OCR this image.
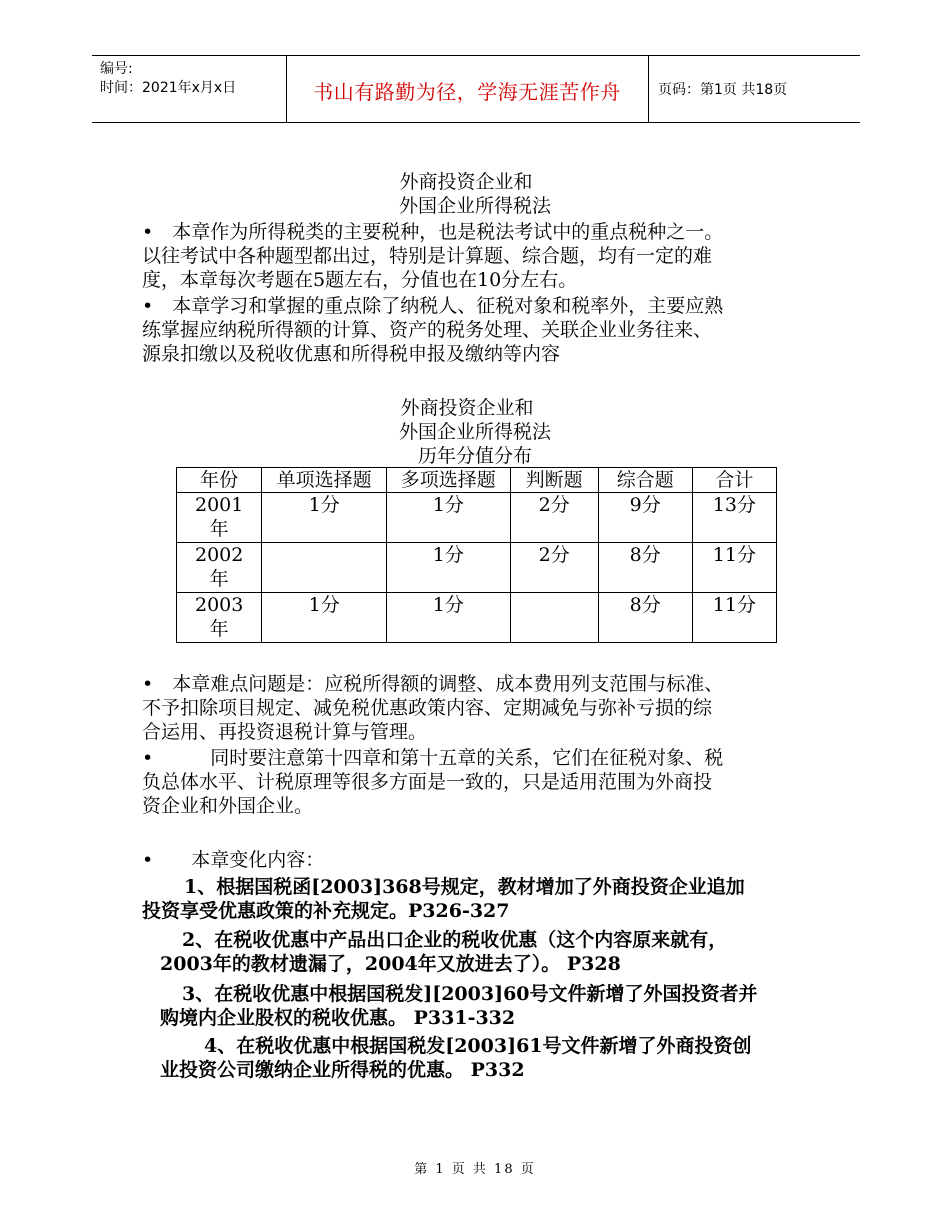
编号:
时间：2021年x月x日	书山有路勤为径，学海无涯苦作舟	页码：第1页 共18页
外商投资企业和
外国企业所得税法
•　本章作为所得税类的主要税种，也是税法考试中的重点税种之一。
以往考试中各种题型都出过，特别是计算题、综合题，均有一定的难
度，本章每次考题在5题左右，分值也在10分左右。
•　本章学习和掌握的重点除了纳税人、征税对象和税率外，主要应熟
练掌握应纳税所得额的计算、资产的税务处理、关联企业业务往来、
源泉扣缴以及税收优惠和所得税申报及缴纳等内容
外商投资企业和
外国企业所得税法
历年分值分布
年份	单项选择题	多项选择题	判断题	综合题	合计
2001年	1分	1分	2分	9分	13分
2002年		1分	2分	8分	11分
2003年	1分	1分		8分	11分
•　本章难点问题是：应税所得额的调整、成本费用列支范围与标准、
不予扣除项目规定、减免税优惠政策内容、定期减免与弥补亏损的综
合运用、再投资退税计算与管理。
•　　　同时要注意第十四章和第十五章的关系，它们在征税对象、税
负总体水平、计税原理等很多方面是一致的，只是适用范围为外商投
资企业和外国企业。
•　　本章变化内容：
1、根据国税函[2003]368号规定，教材增加了外商投资企业追加
投资享受优惠政策的补充规定。P326-327
2、在税收优惠中产品出口企业的税收优惠（这个内容原来就有，
2003年的教材遗漏了，2004年又放进去了）。 P328
3、在税收优惠中根据国税发][2003]60号文件新增了外国投资者并
购境内企业股权的税收优惠。 P331-332
4、在税收优惠中根据国税发[2003]61号文件新增了外商投资创
业投资公司缴纳企业所得税的优惠。 P332
第 1 页 共 18 页
